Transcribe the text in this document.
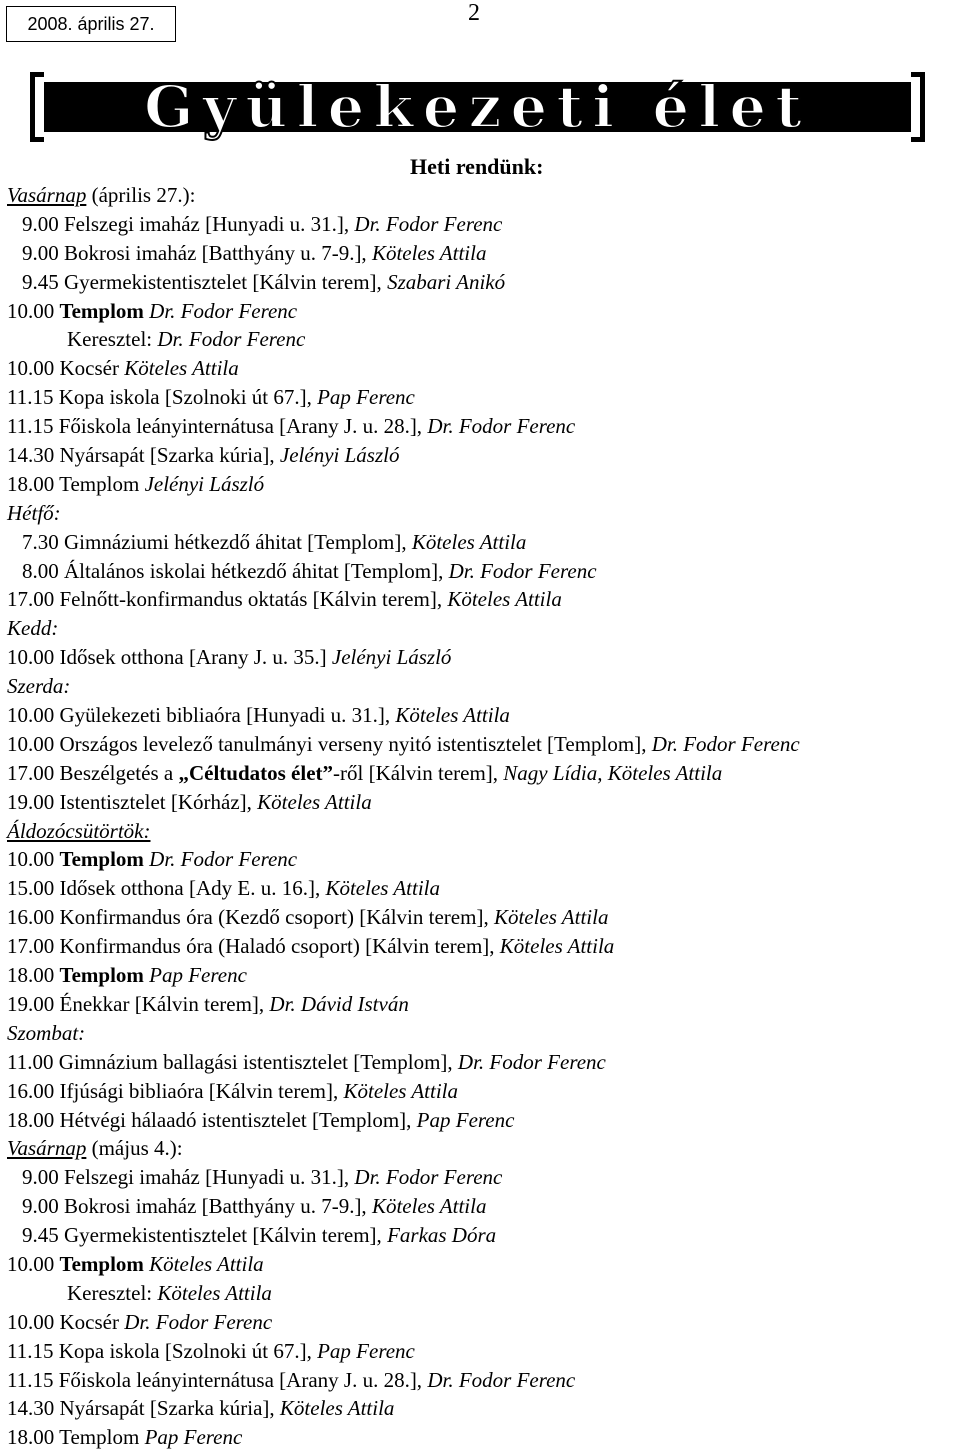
2008. április 27.	2
Gyülekezeti élet
Heti rendünk:
Vasárnap (április 27.):
9.00 Felszegi imaház [Hunyadi u. 31.], Dr. Fodor Ferenc
9.00 Bokrosi imaház [Batthyány u. 7-9.], Köteles Attila
9.45 Gyermekistentisztelet [Kálvin terem], Szabari Anikó
10.00 Templom Dr. Fodor Ferenc
Keresztel: Dr. Fodor Ferenc
10.00 Kocsér Köteles Attila
11.15 Kopa iskola [Szolnoki út 67.], Pap Ferenc
11.15 Főiskola leányinternátusa [Arany J. u. 28.], Dr. Fodor Ferenc
14.30 Nyársapát [Szarka kúria], Jelényi László
18.00 Templom Jelényi László
Hétfő:
7.30 Gimnáziumi hétkezdő áhitat [Templom], Köteles Attila
8.00 Általános iskolai hétkezdő áhitat [Templom], Dr. Fodor Ferenc
17.00 Felnőtt-konfirmandus oktatás [Kálvin terem], Köteles Attila
Kedd:
10.00 Idősek otthona [Arany J. u. 35.] Jelényi László
Szerda:
10.00 Gyülekezeti bibliaóra [Hunyadi u. 31.], Köteles Attila
10.00 Országos levelező tanulmányi verseny nyitó istentisztelet [Templom], Dr. Fodor Ferenc
17.00 Beszélgetés a „Céltudatos élet”-ről [Kálvin terem], Nagy Lídia, Köteles Attila
19.00 Istentisztelet [Kórház], Köteles Attila
Áldozócsütörtök:
10.00 Templom Dr. Fodor Ferenc
15.00 Idősek otthona [Ady E. u. 16.], Köteles Attila
16.00 Konfirmandus óra (Kezdő csoport) [Kálvin terem], Köteles Attila
17.00 Konfirmandus óra (Haladó csoport) [Kálvin terem], Köteles Attila
18.00 Templom Pap Ferenc
19.00 Énekkar [Kálvin terem], Dr. Dávid István
Szombat:
11.00 Gimnázium ballagási istentisztelet [Templom], Dr. Fodor Ferenc
16.00 Ifjúsági bibliaóra [Kálvin terem], Köteles Attila
18.00 Hétvégi hálaadó istentisztelet [Templom], Pap Ferenc
Vasárnap (május 4.):
9.00 Felszegi imaház [Hunyadi u. 31.], Dr. Fodor Ferenc
9.00 Bokrosi imaház [Batthyány u. 7-9.], Köteles Attila
9.45 Gyermekistentisztelet [Kálvin terem], Farkas Dóra
10.00 Templom Köteles Attila
Keresztel: Köteles Attila
10.00 Kocsér Dr. Fodor Ferenc
11.15 Kopa iskola [Szolnoki út 67.], Pap Ferenc
11.15 Főiskola leányinternátusa [Arany J. u. 28.], Dr. Fodor Ferenc
14.30 Nyársapát [Szarka kúria], Köteles Attila
18.00 Templom Pap Ferenc
